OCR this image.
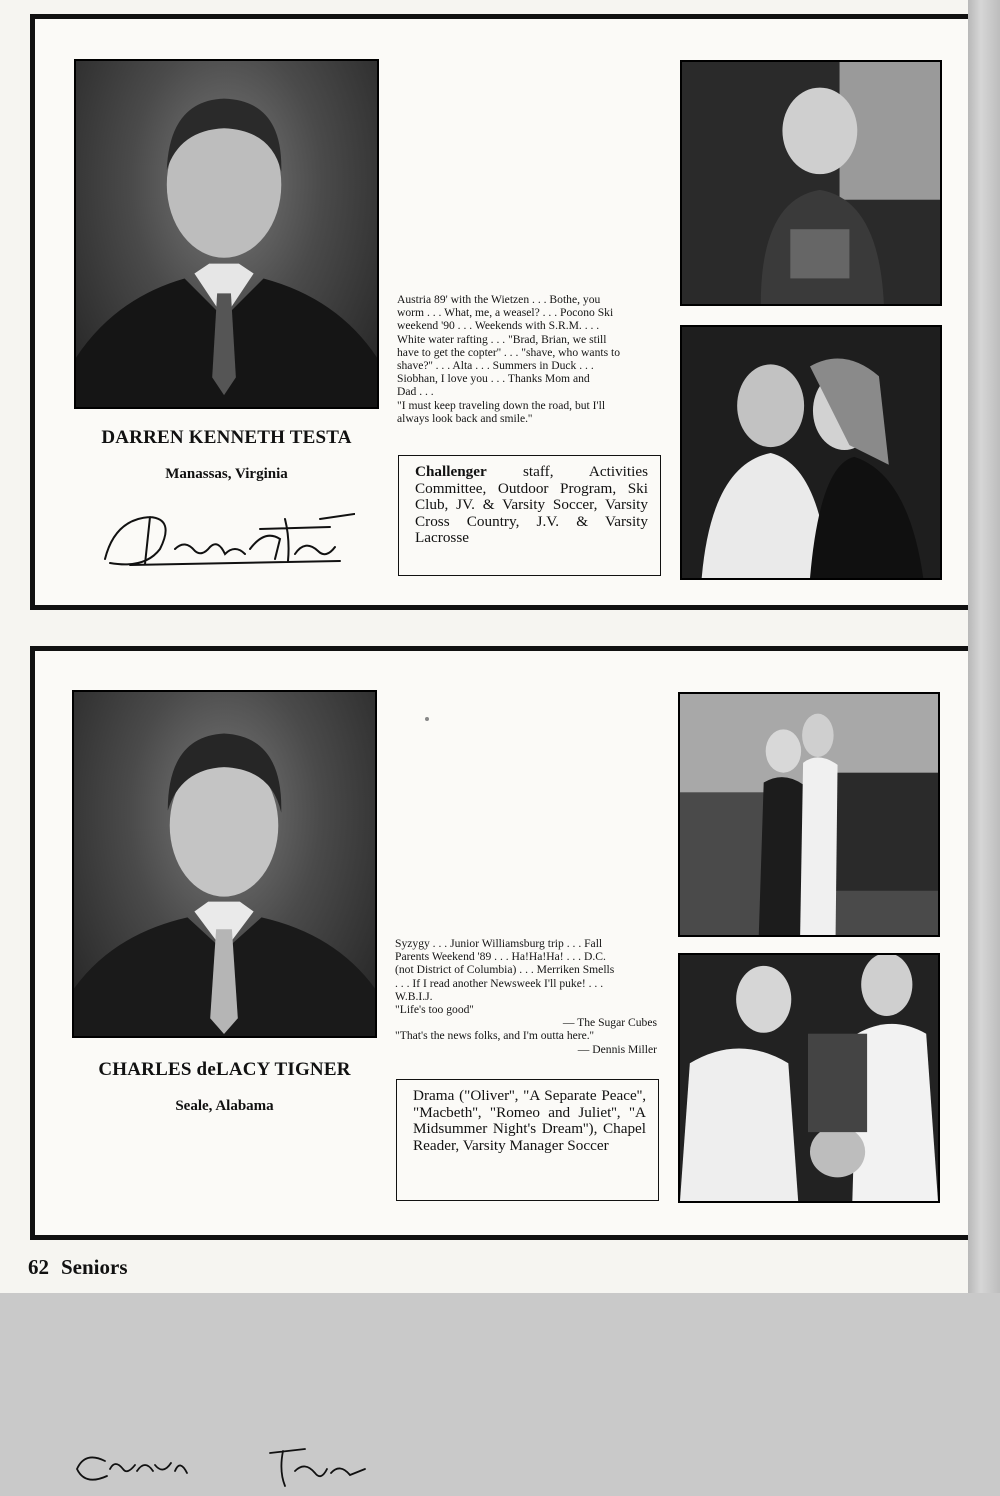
DARREN KENNETH TESTA
Manassas, Virginia
Austria 89' with the Wietzen . . . Bothe, you
worm . . . What, me, a weasel? . . . Pocono Ski
weekend '90 . . . Weekends with S.R.M. . . .
White water rafting . . . "Brad, Brian, we still
have to get the copter'' . . . "shave, who wants to
shave?'' . . . Alta . . . Summers in Duck . . .
Siobhan, I love you . . . Thanks Mom and
Dad . . .
"I must keep traveling down the road, but I'll
always look back and smile.''
Challenger staff, Activities Committee, Outdoor Program, Ski Club, JV. & Varsity Soccer, Varsity Cross Country, J.V. & Varsity Lacrosse
CHARLES deLACY TIGNER
Seale, Alabama
Syzygy . . . Junior Williamsburg trip . . . Fall
Parents Weekend '89 . . . Ha!Ha!Ha! . . . D.C.
(not District of Columbia) . . . Merriken Smells
. . . If I read another Newsweek I'll puke! . . .
W.B.I.J.
"Life's too good''
— The Sugar Cubes
"That's the news folks, and I'm outta here.''
— Dennis Miller
Drama ("Oliver'', "A Separate Peace'', "Macbeth'', "Romeo and Juliet'', "A Midsummer Night's Dream''), Chapel Reader, Varsity Manager Soccer
62 Seniors
